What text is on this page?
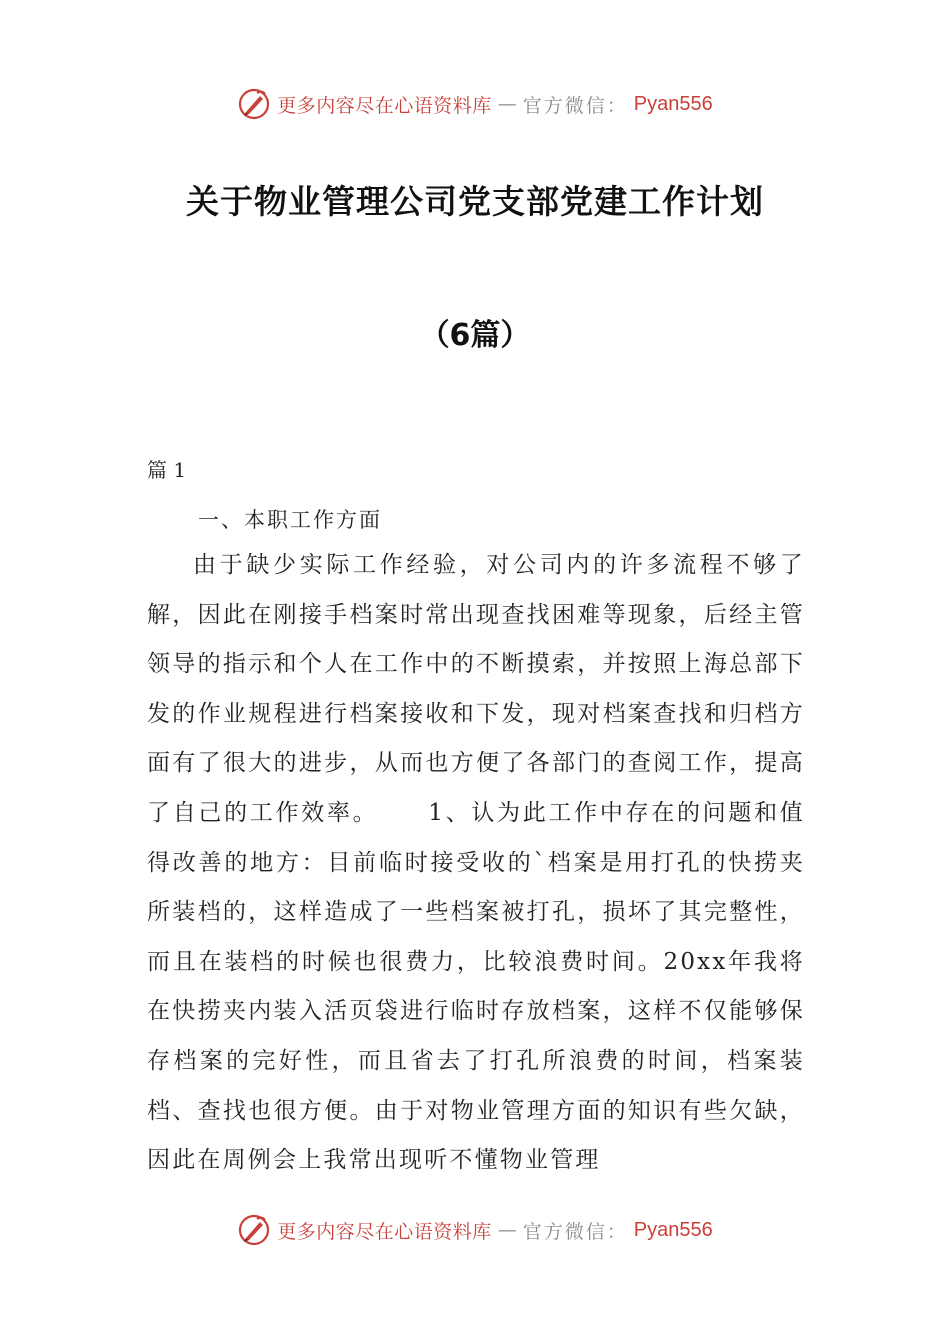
更多内容尽在心语资料库 — 官方微信： Pyan556
关于物业管理公司党支部党建工作计划
（6篇）
篇 1
一、本职工作方面
由于缺少实际工作经验，对公司内的许多流程不够了解，因此在刚接手档案时常出现查找困难等现象，后经主管领导的指示和个人在工作中的不断摸索，并按照上海总部下发的作业规程进行档案接收和下发，现对档案查找和归档方面有了很大的进步，从而也方便了各部门的查阅工作，提高了自己的工作效率。　　 1、认为此工作中存在的问题和值得改善的地方：目前临时接受收的`档案是用打孔的快捞夹所装档的，这样造成了一些档案被打孔，损坏了其完整性，而且在装档的时候也很费力，比较浪费时间。20xx年我将在快捞夹内装入活页袋进行临时存放档案，这样不仅能够保存档案的完好性，而且省去了打孔所浪费的时间，档案装档、查找也很方便。由于对物业管理方面的知识有些欠缺，因此在周例会上我常出现听不懂物业管理
更多内容尽在心语资料库 — 官方微信： Pyan556
